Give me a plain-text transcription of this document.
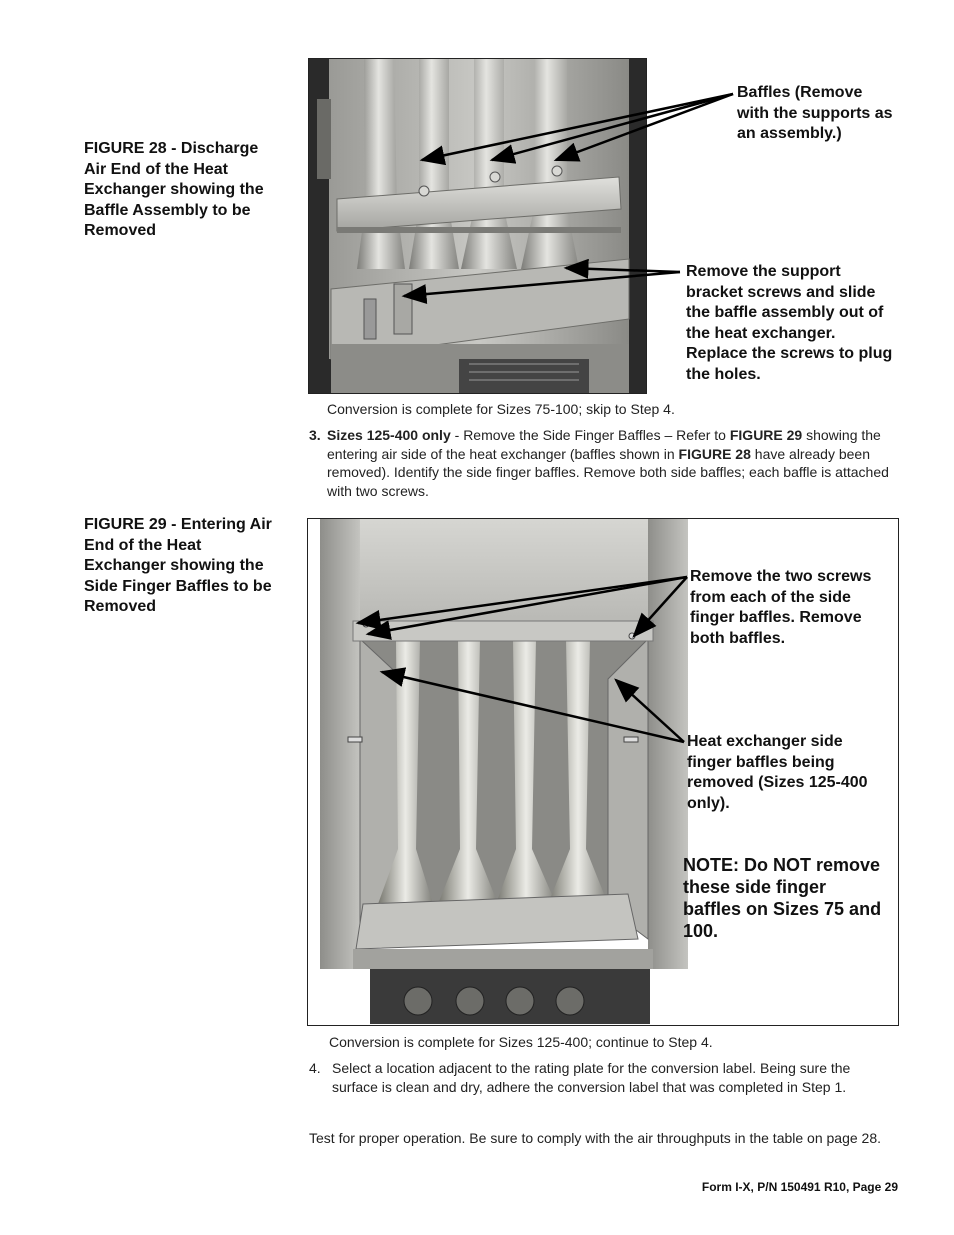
FIGURE 28 - Discharge Air End of the Heat Exchanger showing the Baffle Assembly to be Removed
Baffles (Remove with the supports as an assembly.)
Remove the support bracket screws and slide the baffle assembly out of the heat exchanger. Replace the screws to plug the holes.
Conversion is complete for Sizes 75-100; skip to Step 4.
3. Sizes 125-400 only - Remove the Side Finger Baffles – Refer to FIGURE 29 showing the entering air side of the heat exchanger (baffles shown in FIGURE 28 have already been removed). Identify the side finger baffles. Remove both side baffles; each baffle is attached with two screws.
FIGURE 29 - Entering Air End of the Heat Exchanger showing the Side Finger Baffles to be Removed
Remove the two screws from each of the side finger baffles. Remove both baffles.
Heat exchanger side finger baffles being removed (Sizes 125-400 only).
NOTE: Do NOT remove these side finger baffles on Sizes 75 and 100.
Conversion is complete for Sizes 125-400; continue to Step 4.
4. Select a location adjacent to the rating plate for the conversion label. Being sure the surface is clean and dry, adhere the conversion label that was completed in Step 1.
Test for proper operation. Be sure to comply with the air throughputs in the table on page 28.
Form I-X, P/N 150491 R10, Page 29
